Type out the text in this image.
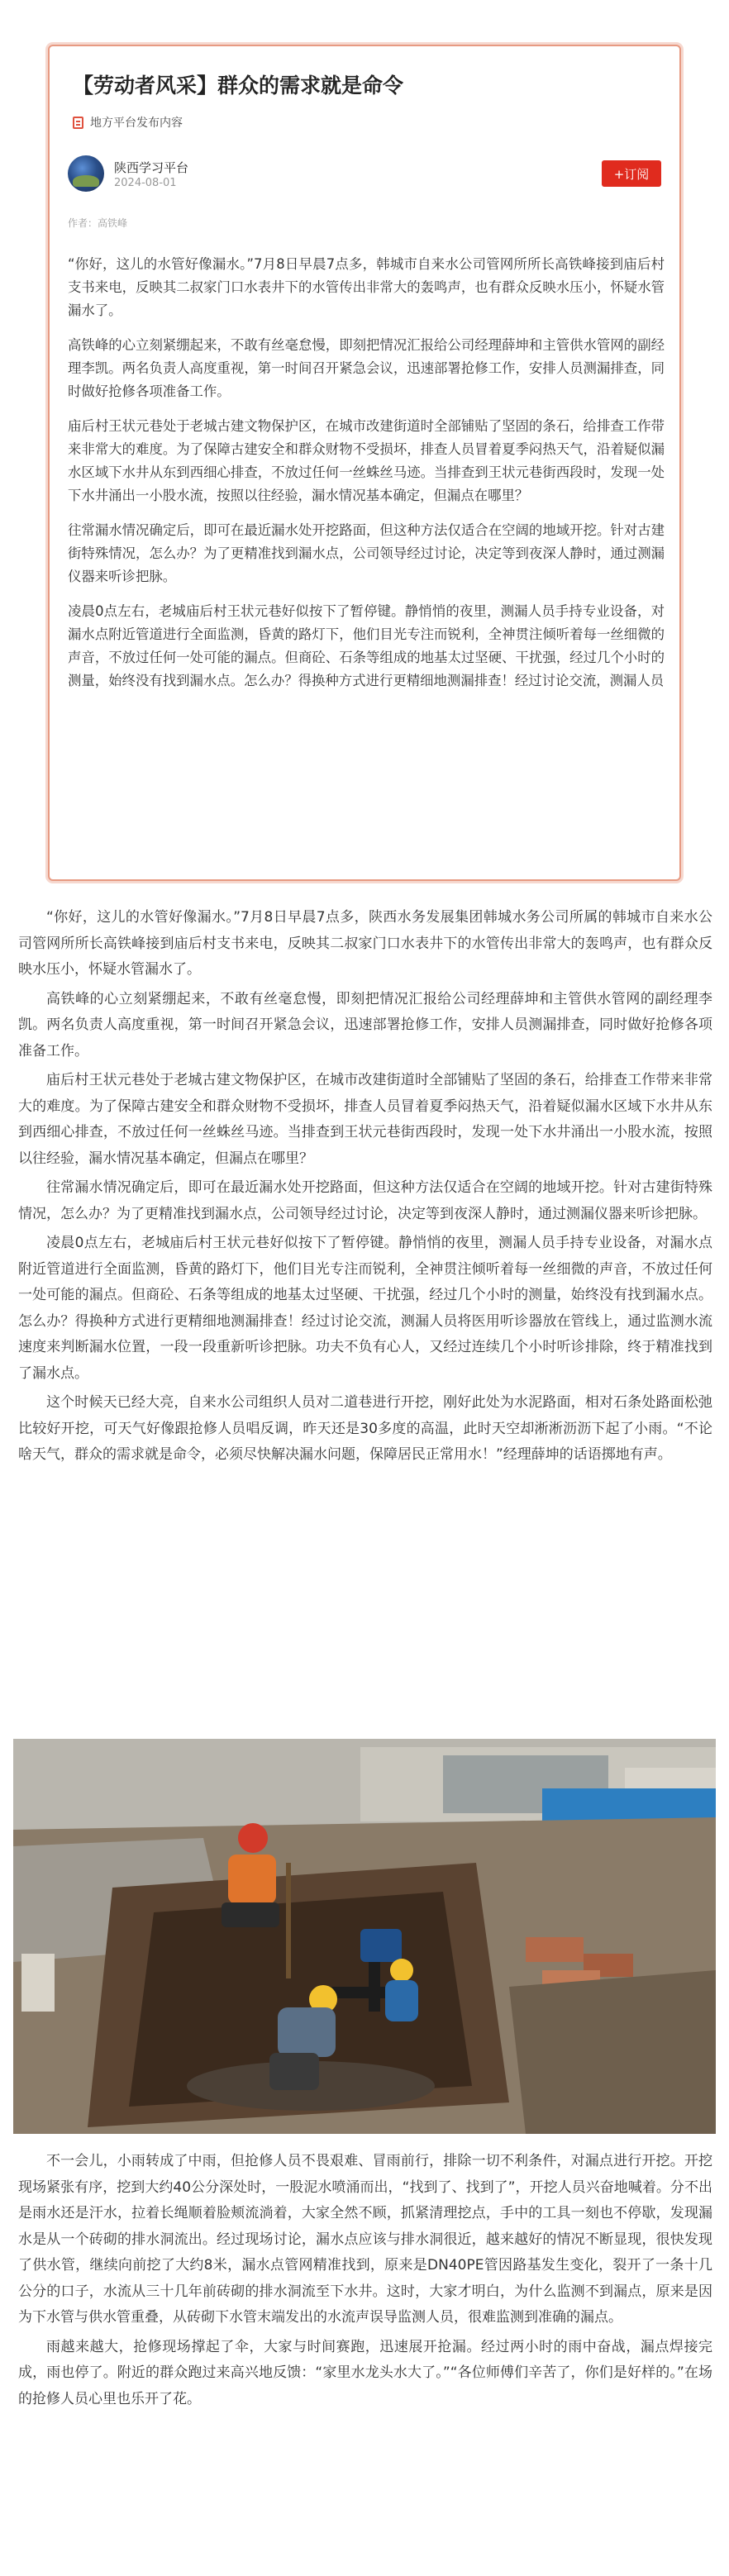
【劳动者风采】群众的需求就是命令
地方平台发布内容
陕西学习平台
2024-08-01
+订阅
作者：高铁峰

“你好，这儿的水管好像漏水。”7月8日早晨7点多，韩城市自来水公司管网所所长高铁峰接到庙后村支书来电，反映其二叔家门口水表井下的水管传出非常大的轰鸣声，也有群众反映水压小，怀疑水管漏水了。

高铁峰的心立刻紧绷起来，不敢有丝毫怠慢，即刻把情况汇报给公司经理薛坤和主管供水管网的副经理李凯。两名负责人高度重视，第一时间召开紧急会议，迅速部署抢修工作，安排人员测漏排查，同时做好抢修各项准备工作。

庙后村王状元巷处于老城古建文物保护区，在城市改建街道时全部铺贴了坚固的条石，给排查工作带来非常大的难度。为了保障古建安全和群众财物不受损坏，排查人员冒着夏季闷热天气，沿着疑似漏水区域下水井从东到西细心排查，不放过任何一丝蛛丝马迹。当排查到王状元巷街西段时，发现一处下水井涌出一小股水流，按照以往经验，漏水情况基本确定，但漏点在哪里？

往常漏水情况确定后，即可在最近漏水处开挖路面，但这种方法仅适合在空阔的地域开挖。针对古建街特殊情况，怎么办？为了更精准找到漏水点，公司领导经过讨论，决定等到夜深人静时，通过测漏仪器来听诊把脉。

凌晨0点左右，老城庙后村王状元巷好似按下了暂停键。静悄悄的夜里，测漏人员手持专业设备，对漏水点附近管道进行全面监测，昏黄的路灯下，他们目光专注而锐利，全神贯注倾听着每一丝细微的声音，不放过任何一处可能的漏点。但商砼、石条等组成的地基太过坚硬、干扰强，经过几个小时的测量，始终没有找到漏水点。怎么办？得换种方式进行更精细地测漏排查！经过讨论交流，测漏人员

“你好，这儿的水管好像漏水。”7月8日早晨7点多，陕西水务发展集团韩城水务公司所属的韩城市自来水公司管网所所长高铁峰接到庙后村支书来电，反映其二叔家门口水表井下的水管传出非常大的轰鸣声，也有群众反映水压小，怀疑水管漏水了。

高铁峰的心立刻紧绷起来，不敢有丝毫怠慢，即刻把情况汇报给公司经理薛坤和主管供水管网的副经理李凯。两名负责人高度重视，第一时间召开紧急会议，迅速部署抢修工作，安排人员测漏排查，同时做好抢修各项准备工作。

庙后村王状元巷处于老城古建文物保护区，在城市改建街道时全部铺贴了坚固的条石，给排查工作带来非常大的难度。为了保障古建安全和群众财物不受损坏，排查人员冒着夏季闷热天气，沿着疑似漏水区域下水井从东到西细心排查，不放过任何一丝蛛丝马迹。当排查到王状元巷街西段时，发现一处下水井涌出一小股水流，按照以往经验，漏水情况基本确定，但漏点在哪里？

往常漏水情况确定后，即可在最近漏水处开挖路面，但这种方法仅适合在空阔的地域开挖。针对古建街特殊情况，怎么办？为了更精准找到漏水点，公司领导经过讨论，决定等到夜深人静时，通过测漏仪器来听诊把脉。

凌晨0点左右，老城庙后村王状元巷好似按下了暂停键。静悄悄的夜里，测漏人员手持专业设备，对漏水点附近管道进行全面监测，昏黄的路灯下，他们目光专注而锐利，全神贯注倾听着每一丝细微的声音，不放过任何一处可能的漏点。但商砼、石条等组成的地基太过坚硬、干扰强，经过几个小时的测量，始终没有找到漏水点。怎么办？得换种方式进行更精细地测漏排查！经过讨论交流，测漏人员将医用听诊器放在管线上，通过监测水流速度来判断漏水位置，一段一段重新听诊把脉。功夫不负有心人，又经过连续几个小时听诊排除，终于精准找到了漏水点。

这个时候天已经大亮，自来水公司组织人员对二道巷进行开挖，刚好此处为水泥路面，相对石条处路面松弛比较好开挖，可天气好像跟抢修人员唱反调，昨天还是30多度的高温，此时天空却淅淅沥沥下起了小雨。“不论啥天气，群众的需求就是命令，必须尽快解决漏水问题，保障居民正常用水！”经理薛坤的话语掷地有声。

不一会儿，小雨转成了中雨，但抢修人员不畏艰难、冒雨前行，排除一切不利条件，对漏点进行开挖。开挖现场紧张有序，挖到大约40公分深处时，一股泥水喷涌而出，“找到了、找到了”，开挖人员兴奋地喊着。分不出是雨水还是汗水，拉着长绳顺着脸颊流淌着，大家全然不顾，抓紧清理挖点，手中的工具一刻也不停歇，发现漏水是从一个砖砌的排水洞流出。经过现场讨论，漏水点应该与排水洞很近，越来越好的情况不断显现，很快发现了供水管，继续向前挖了大约8米，漏水点管网精准找到，原来是DN40PE管因路基发生变化，裂开了一条十几公分的口子，水流从三十几年前砖砌的排水洞流至下水井。这时，大家才明白，为什么监测不到漏点，原来是因为下水管与供水管重叠，从砖砌下水管末端发出的水流声误导监测人员，很难监测到准确的漏点。

雨越来越大，抢修现场撑起了伞，大家与时间赛跑，迅速展开抢漏。经过两小时的雨中奋战，漏点焊接完成，雨也停了。附近的群众跑过来高兴地反馈：“家里水龙头水大了。”“各位师傅们辛苦了，你们是好样的。”在场的抢修人员心里也乐开了花。
